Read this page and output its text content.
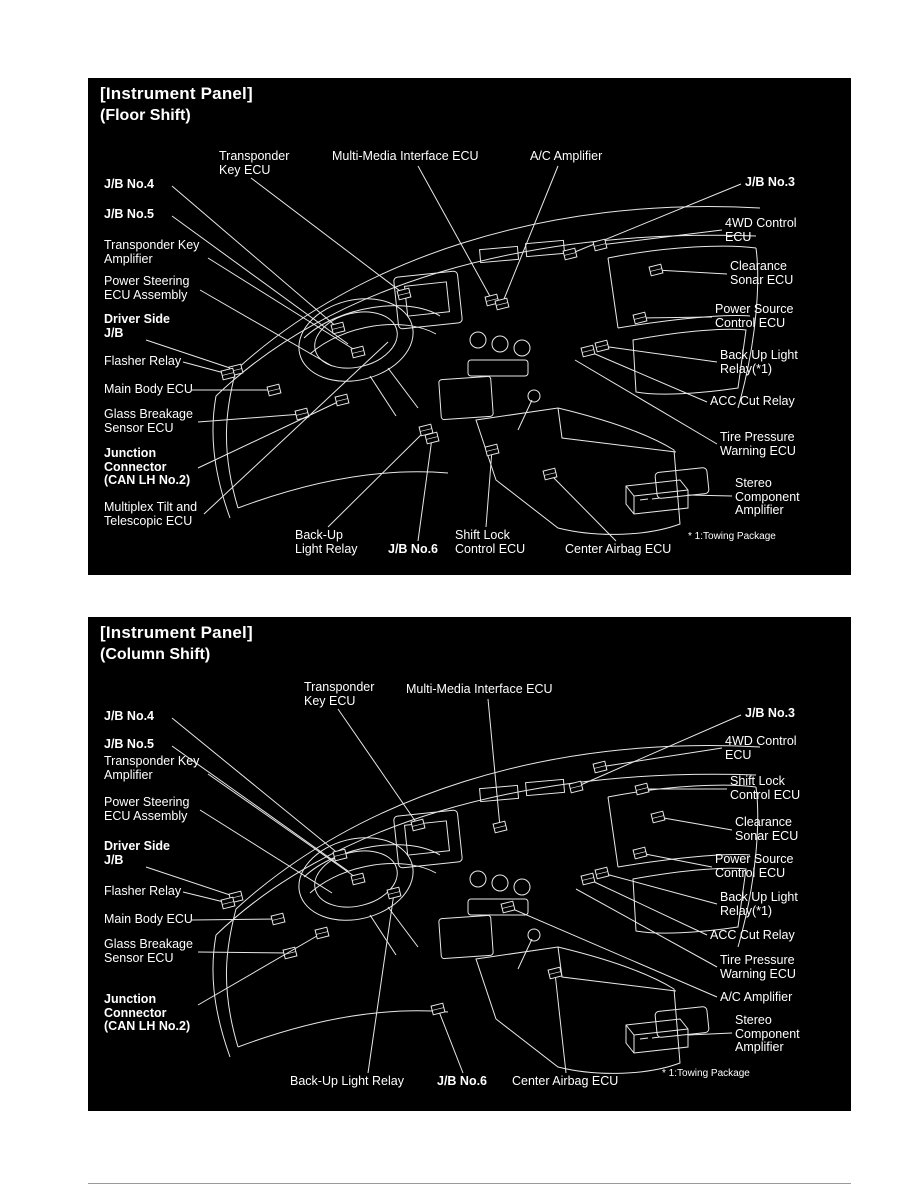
Transponder
Key ECU
Multi-Media Interface ECU	A/C Amplifier
J/B No.3
J/B No.4
J/B No.5
Transponder Key
Amplifier
Power Steering
ECU Assembly
Driver Side
J/B
Flasher Relay
Main Body ECU
Glass Breakage
Sensor ECU
Junction
Connector
(CAN LH No.2)
Multiplex Tilt and
Telescopic ECU
4WD Control
ECU
Clearance
Sonar ECU
Power Source
Control ECU
Back Up Light
Relay(*1)
ACC Cut Relay
Tire Pressure
Warning ECU
Stereo
Component
Amplifier
Back-Up
Light Relay J/B No.6
Shift Lock
Control ECU	Center Airbag ECU
[Instrument Panel]
(Floor Shift)
* 1:Towing Package
Transponder
Key ECU
Multi-Media Interface ECU
J/B No.4
J/B No.5
Transponder Key
Amplifier
Power Steering
ECU Assembly
Driver Side
J/B
Flasher Relay
Main Body ECU
Glass Breakage
Sensor ECU
Junction
Connector
(CAN LH No.2)
J/B No.3
4WD Control
ECU
Shift Lock
Control ECU
Clearance
Sonar ECU
Power Source
Control ECU
Back Up Light
Relay(*1)
ACC Cut Relay
Tire Pressure
Warning ECU
A/C Amplifier
Stereo
Component
Amplifier
Back-Up Light Relay	J/B No.6 Center Airbag ECU
[Instrument Panel]
(Column Shift)
* 1:Towing Package
